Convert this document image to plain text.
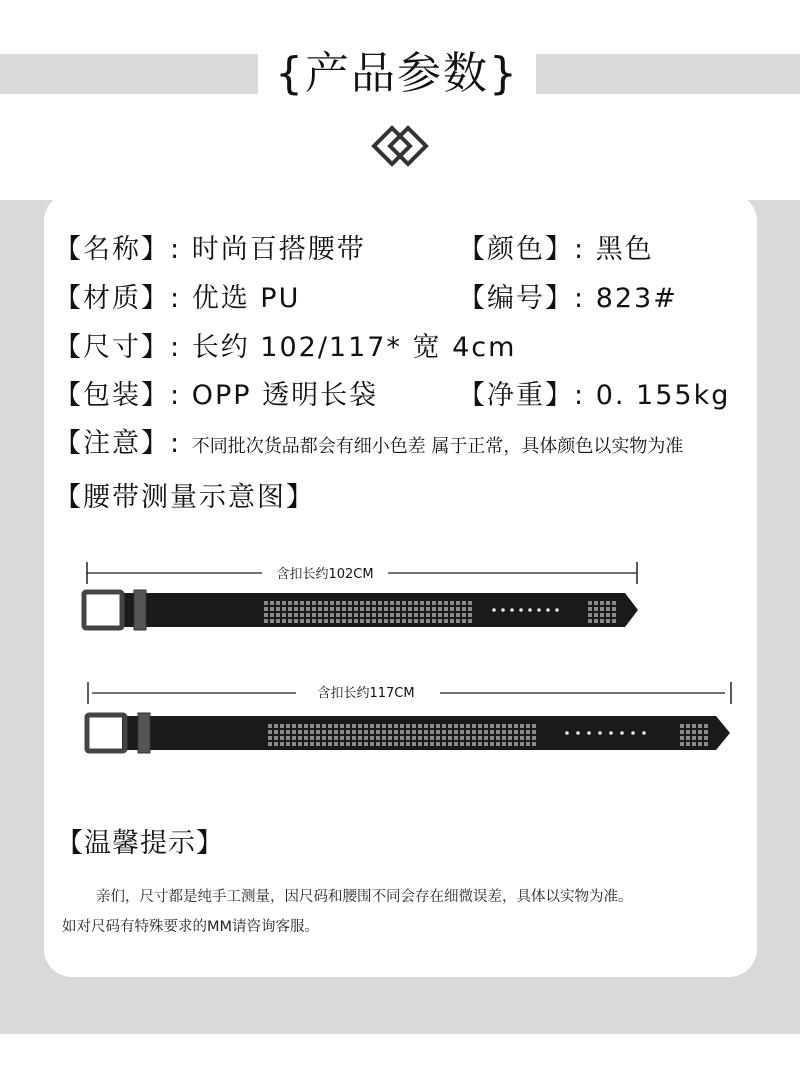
{产品参数}
【名称】: 时尚百搭腰带	【颜色】: 黑色
【材质】: 优选 PU	【编号】: 823#
【尺寸】: 长约 102/117* 宽 4cm
【包装】: OPP 透明长袋	【净重】: 0. 155kg
【注意】: 不同批次货品都会有细小色差 属于正常，具体颜色以实物为准
【腰带测量示意图】
含扣长约102CM
含扣长约117CM
【温馨提示】
亲们，尺寸都是纯手工测量，因尺码和腰围不同会存在细微误差，具体以实物为准。
如对尺码有特殊要求的MM请咨询客服。
